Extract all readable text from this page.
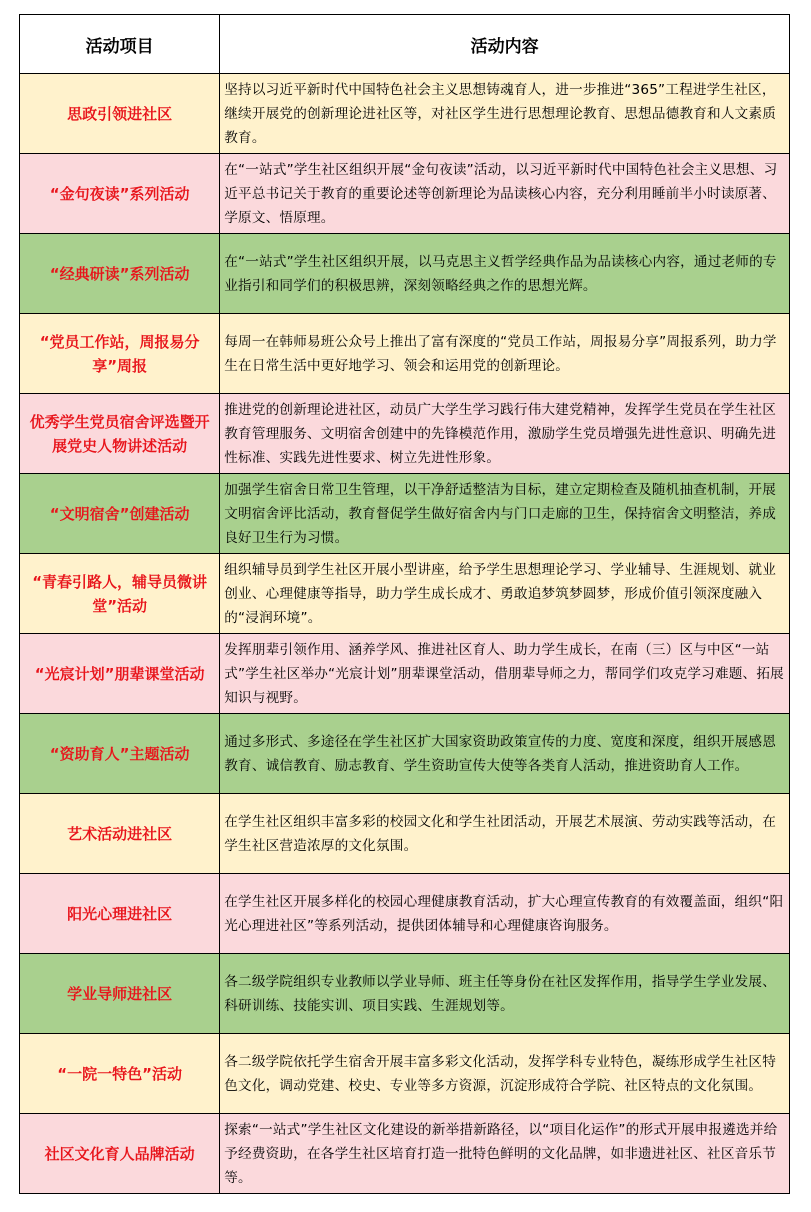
活动项目	活动内容
思政引领进社区	坚持以习近平新时代中国特色社会主义思想铸魂育人，进一步推进“365”工程进学生社区，继续开展党的创新理论进社区等，对社区学生进行思想理论教育、思想品德教育和人文素质教育。
“金句夜读”系列活动	在“一站式”学生社区组织开展“金句夜读”活动，以习近平新时代中国特色社会主义思想、习近平总书记关于教育的重要论述等创新理论为品读核心内容，充分利用睡前半小时读原著、学原文、悟原理。
“经典研读”系列活动	在“一站式”学生社区组织开展，以马克思主义哲学经典作品为品读核心内容，通过老师的专业指引和同学们的积极思辨，深刻领略经典之作的思想光辉。
“党员工作站，周报易分享”周报	每周一在韩师易班公众号上推出了富有深度的“党员工作站，周报易分享”周报系列，助力学生在日常生活中更好地学习、领会和运用党的创新理论。
优秀学生党员宿舍评选暨开展党史人物讲述活动	推进党的创新理论进社区，动员广大学生学习践行伟大建党精神，发挥学生党员在学生社区教育管理服务、文明宿舍创建中的先锋模范作用，激励学生党员增强先进性意识、明确先进性标准、实践先进性要求、树立先进性形象。
“文明宿舍”创建活动	加强学生宿舍日常卫生管理，以干净舒适整洁为目标，建立定期检查及随机抽查机制，开展文明宿舍评比活动，教育督促学生做好宿舍内与门口走廊的卫生，保持宿舍文明整洁，养成良好卫生行为习惯。
“青春引路人，辅导员微讲堂”活动	组织辅导员到学生社区开展小型讲座，给予学生思想理论学习、学业辅导、生涯规划、就业创业、心理健康等指导，助力学生成长成才、勇敢追梦筑梦圆梦，形成价值引领深度融入的“浸润环境”。
“光宸计划”朋辈课堂活动	发挥朋辈引领作用、涵养学风、推进社区育人、助力学生成长，在南（三）区与中区“一站式”学生社区举办“光宸计划”朋辈课堂活动，借朋辈导师之力，帮同学们攻克学习难题、拓展知识与视野。
“资助育人”主题活动	通过多形式、多途径在学生社区扩大国家资助政策宣传的力度、宽度和深度，组织开展感恩教育、诚信教育、励志教育、学生资助宣传大使等各类育人活动，推进资助育人工作。
艺术活动进社区	在学生社区组织丰富多彩的校园文化和学生社团活动，开展艺术展演、劳动实践等活动，在学生社区营造浓厚的文化氛围。
阳光心理进社区	在学生社区开展多样化的校园心理健康教育活动，扩大心理宣传教育的有效覆盖面，组织“阳光心理进社区”等系列活动，提供团体辅导和心理健康咨询服务。
学业导师进社区	各二级学院组织专业教师以学业导师、班主任等身份在社区发挥作用，指导学生学业发展、科研训练、技能实训、项目实践、生涯规划等。
“一院一特色”活动	各二级学院依托学生宿舍开展丰富多彩文化活动，发挥学科专业特色，凝练形成学生社区特色文化，调动党建、校史、专业等多方资源，沉淀形成符合学院、社区特点的文化氛围。
社区文化育人品牌活动	探索“一站式”学生社区文化建设的新举措新路径，以“项目化运作”的形式开展申报遴选并给予经费资助，在各学生社区培育打造一批特色鲜明的文化品牌，如非遗进社区、社区音乐节等。
